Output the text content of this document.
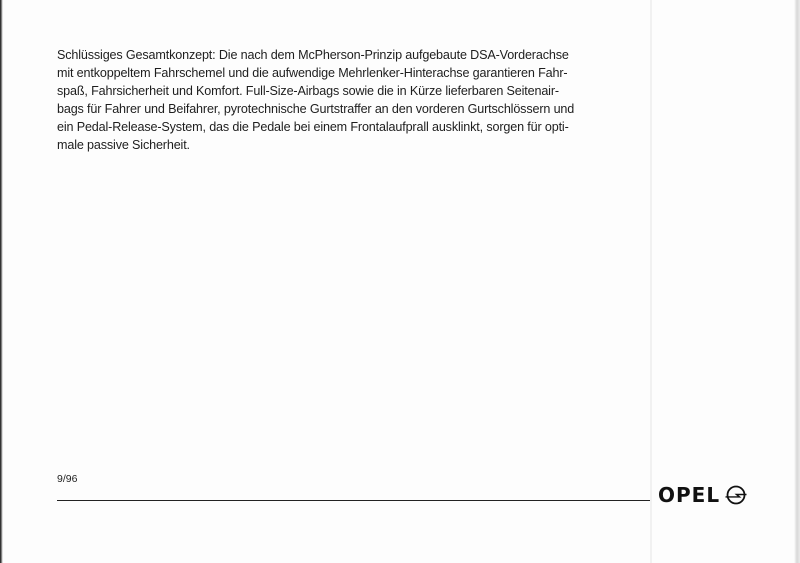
Schlüssiges Gesamtkonzept: Die nach dem McPherson-Prinzip aufgebaute DSA-Vorderachse
mit entkoppeltem Fahrschemel und die aufwendige Mehrlenker-Hinterachse garantieren Fahr-
spaß, Fahrsicherheit und Komfort. Full-Size-Airbags sowie die in Kürze lieferbaren Seitenair-
bags für Fahrer und Beifahrer, pyrotechnische Gurtstraffer an den vorderen Gurtschlössern und
ein Pedal-Release-System, das die Pedale bei einem Frontalaufprall ausklinkt, sorgen für opti-
male passive Sicherheit.

9/96
OPEL
